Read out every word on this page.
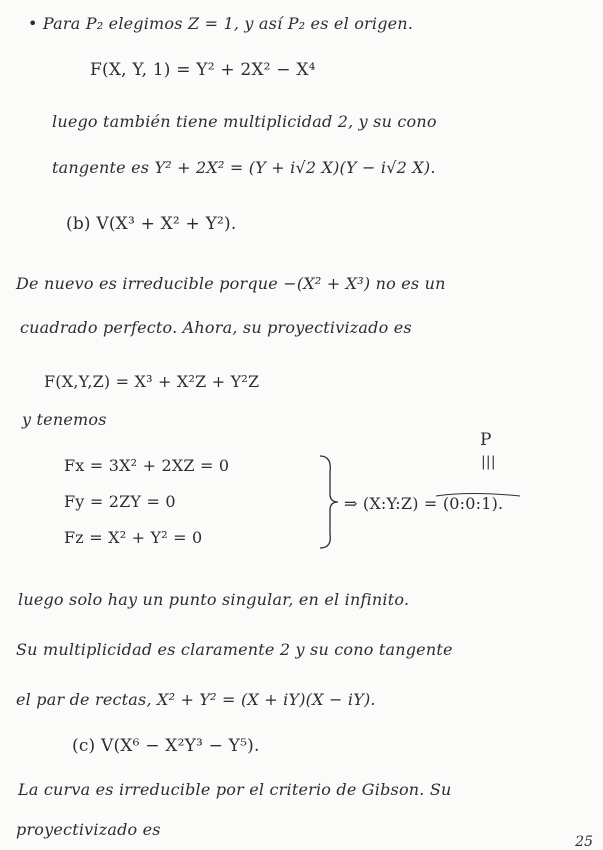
• Para P₂ elegimos Z = 1, y así P₂ es el origen.
F(X, Y, 1) = Y² + 2X² − X⁴
luego también tiene multiplicidad 2, y su cono
tangente es Y² + 2X² = (Y + i√2 X)(Y − i√2 X).
(b) V(X³ + X² + Y²).
De nuevo es irreducible porque −(X² + X³) no es un
cuadrado perfecto. Ahora, su proyectivizado es
F(X,Y,Z) = X³ + X²Z + Y²Z
y tenemos
Fx = 3X² + 2XZ = 0
Fy = 2ZY = 0
Fz = X² + Y² = 0
⇒ (X:Y:Z) = (0:0:1).
P
|||
luego solo hay un punto singular, en el infinito.
Su multiplicidad es claramente 2 y su cono tangente
el par de rectas, X² + Y² = (X + iY)(X − iY).
(c) V(X⁶ − X²Y³ − Y⁵).
La curva es irreducible por el criterio de Gibson. Su
proyectivizado es
25
